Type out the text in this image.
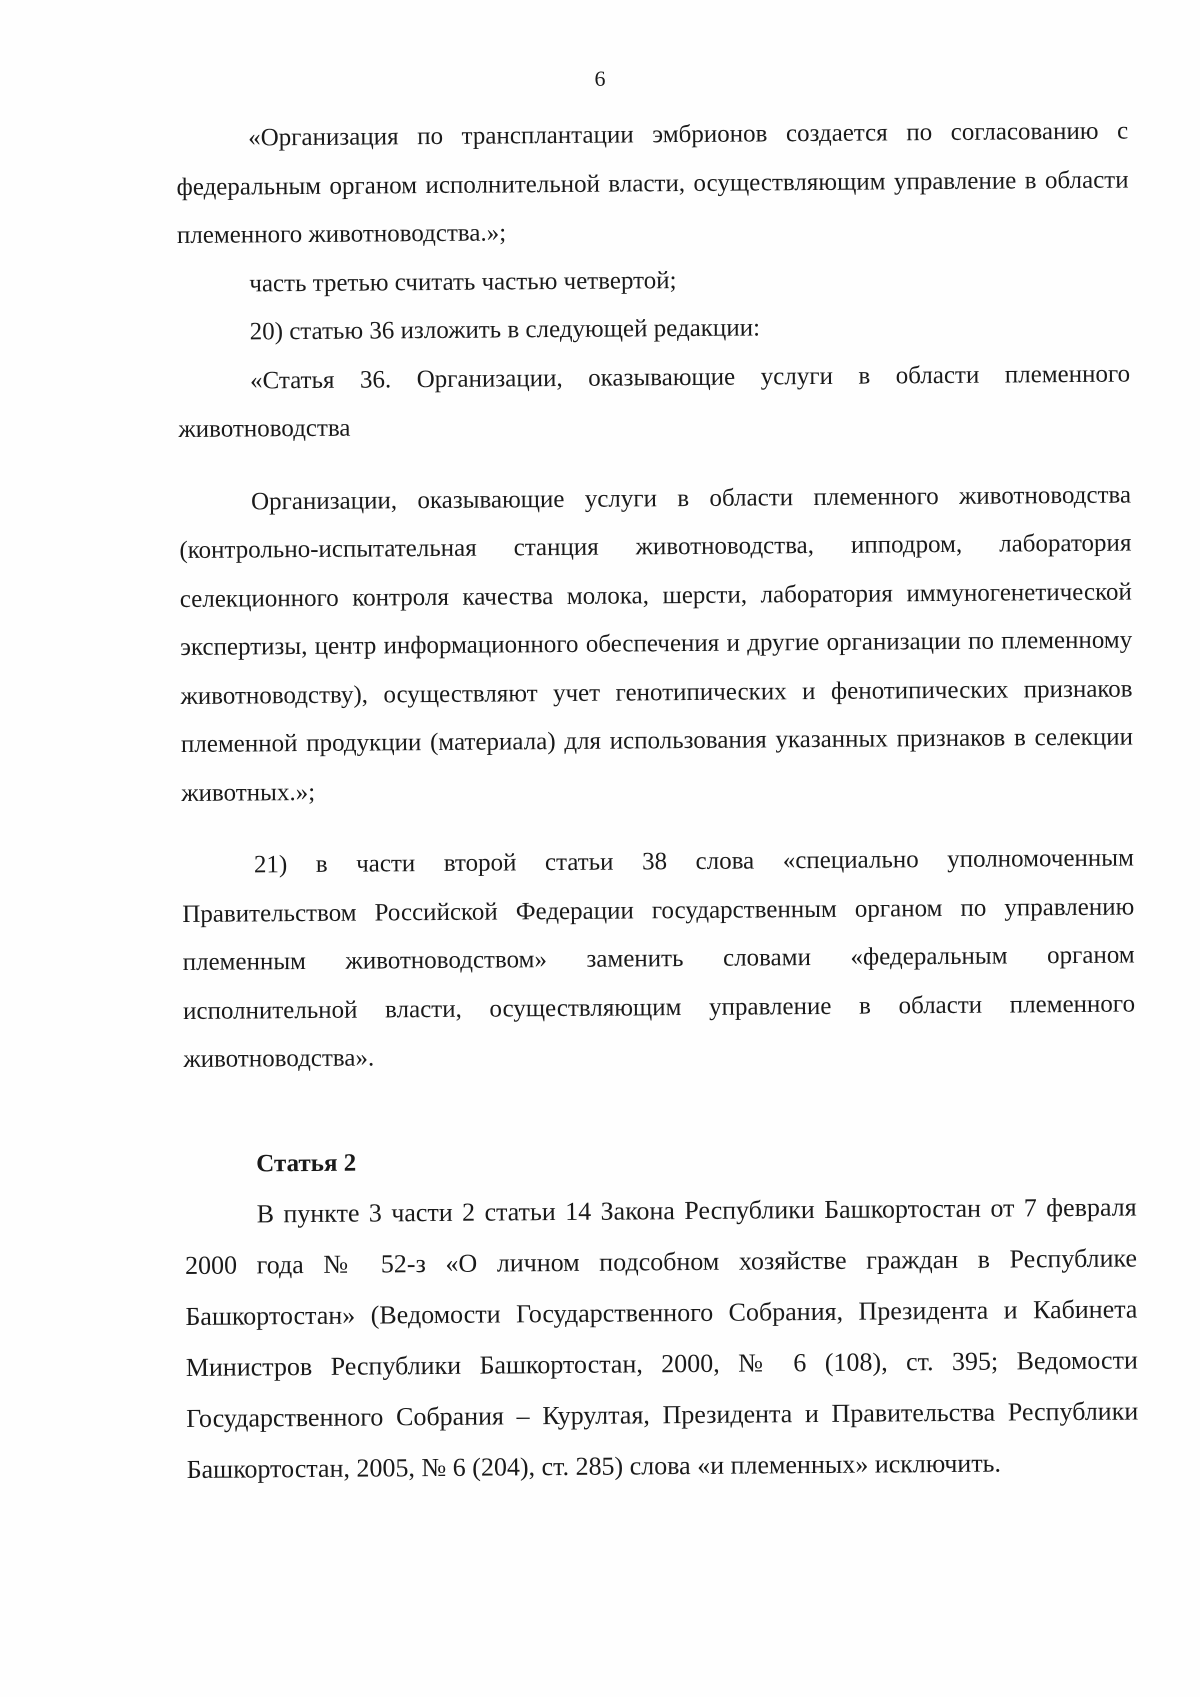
6

«Организация по трансплантации эмбрионов создается по согласованию с федеральным органом исполнительной власти, осуществляющим управление в области племенного животноводства.»;

часть третью считать частью четвертой;

20) статью 36 изложить в следующей редакции:

«Статья 36. Организации, оказывающие услуги в области племенного животноводства

Организации, оказывающие услуги в области племенного животноводства (контрольно-испытательная станция животноводства, ипподром, лаборатория селекционного контроля качества молока, шерсти, лаборатория иммуногенетической экспертизы, центр информационного обеспечения и другие организации по племенному животноводству), осуществляют учет генотипических и фенотипических признаков племенной продукции (материала) для использования указанных признаков в селекции животных.»;

21) в части второй статьи 38 слова «специально уполномоченным Правительством Российской Федерации государственным органом по управлению племенным животноводством» заменить словами «федеральным органом исполнительной власти, осуществляющим управление в области племенного животноводства».

Статья 2

В пункте 3 части 2 статьи 14 Закона Республики Башкортостан от 7 февраля 2000 года № 52-з «О личном подсобном хозяйстве граждан в Республике Башкортостан» (Ведомости Государственного Собрания, Президента и Кабинета Министров Республики Башкортостан, 2000, № 6 (108), ст. 395; Ведомости Государственного Собрания – Курултая, Президента и Правительства Республики Башкортостан, 2005, № 6 (204), ст. 285) слова «и племенных» исключить.
